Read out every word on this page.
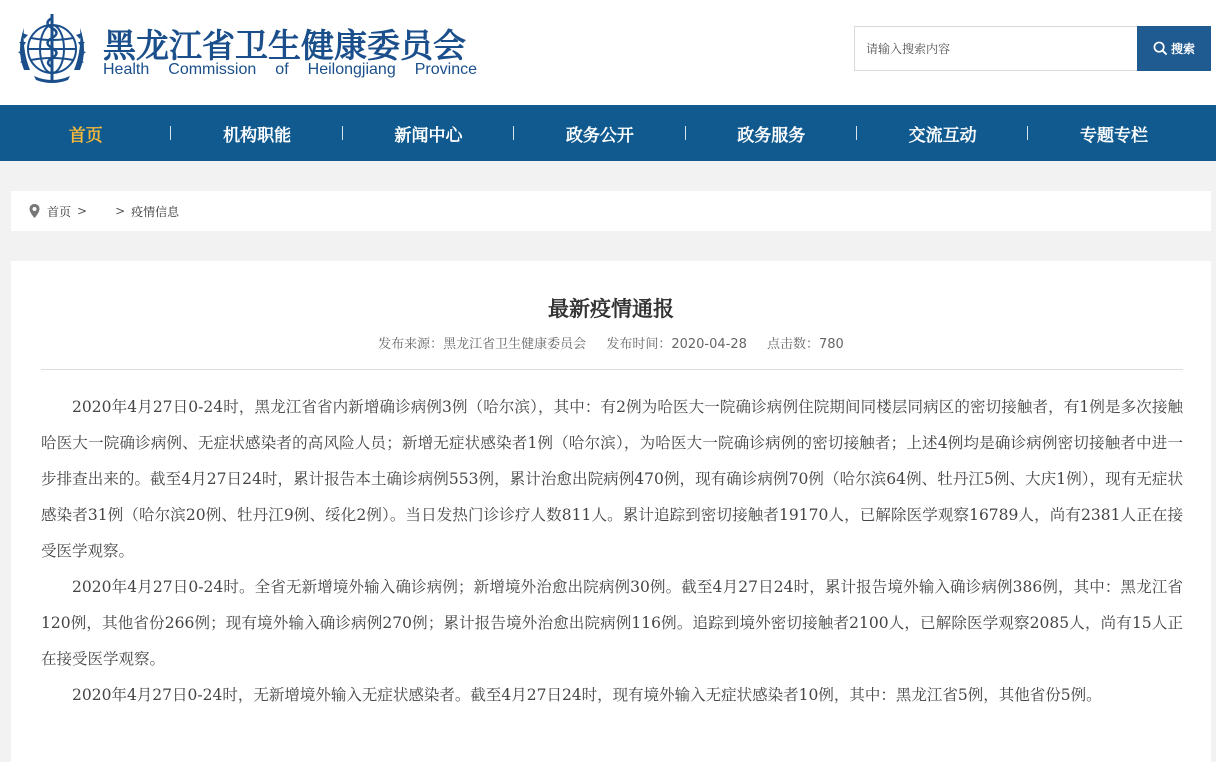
黑龙江省卫生健康委员会
Health Commission of Heilongjiang Province
请输入搜索内容
搜索
首页	机构职能	新闻中心	政务公开	政务服务	交流互动	专题专栏
首页 > > 疫情信息
最新疫情通报
发布来源：黑龙江省卫生健康委员会 发布时间：2020-04-28 点击数：780

2020年4月27日0-24时，黑龙江省省内新增确诊病例3例（哈尔滨），其中：有2例为哈医大一院确诊病例住院期间同楼层同病区的密切接触者，有1例是多次接触哈医大一院确诊病例、无症状感染者的高风险人员；新增无症状感染者1例（哈尔滨），为哈医大一院确诊病例的密切接触者；上述4例均是确诊病例密切接触者中进一步排查出来的。截至4月27日24时，累计报告本土确诊病例553例，累计治愈出院病例470例，现有确诊病例70例（哈尔滨64例、牡丹江5例、大庆1例），现有无症状感染者31例（哈尔滨20例、牡丹江9例、绥化2例）。当日发热门诊诊疗人数811人。累计追踪到密切接触者19170人，已解除医学观察16789人，尚有2381人正在接受医学观察。

2020年4月27日0-24时。全省无新增境外输入确诊病例；新增境外治愈出院病例30例。截至4月27日24时，累计报告境外输入确诊病例386例，其中：黑龙江省120例，其他省份266例；现有境外输入确诊病例270例；累计报告境外治愈出院病例116例。追踪到境外密切接触者2100人，已解除医学观察2085人，尚有15人正在接受医学观察。

2020年4月27日0-24时，无新增境外输入无症状感染者。截至4月27日24时，现有境外输入无症状感染者10例，其中：黑龙江省5例，其他省份5例。
